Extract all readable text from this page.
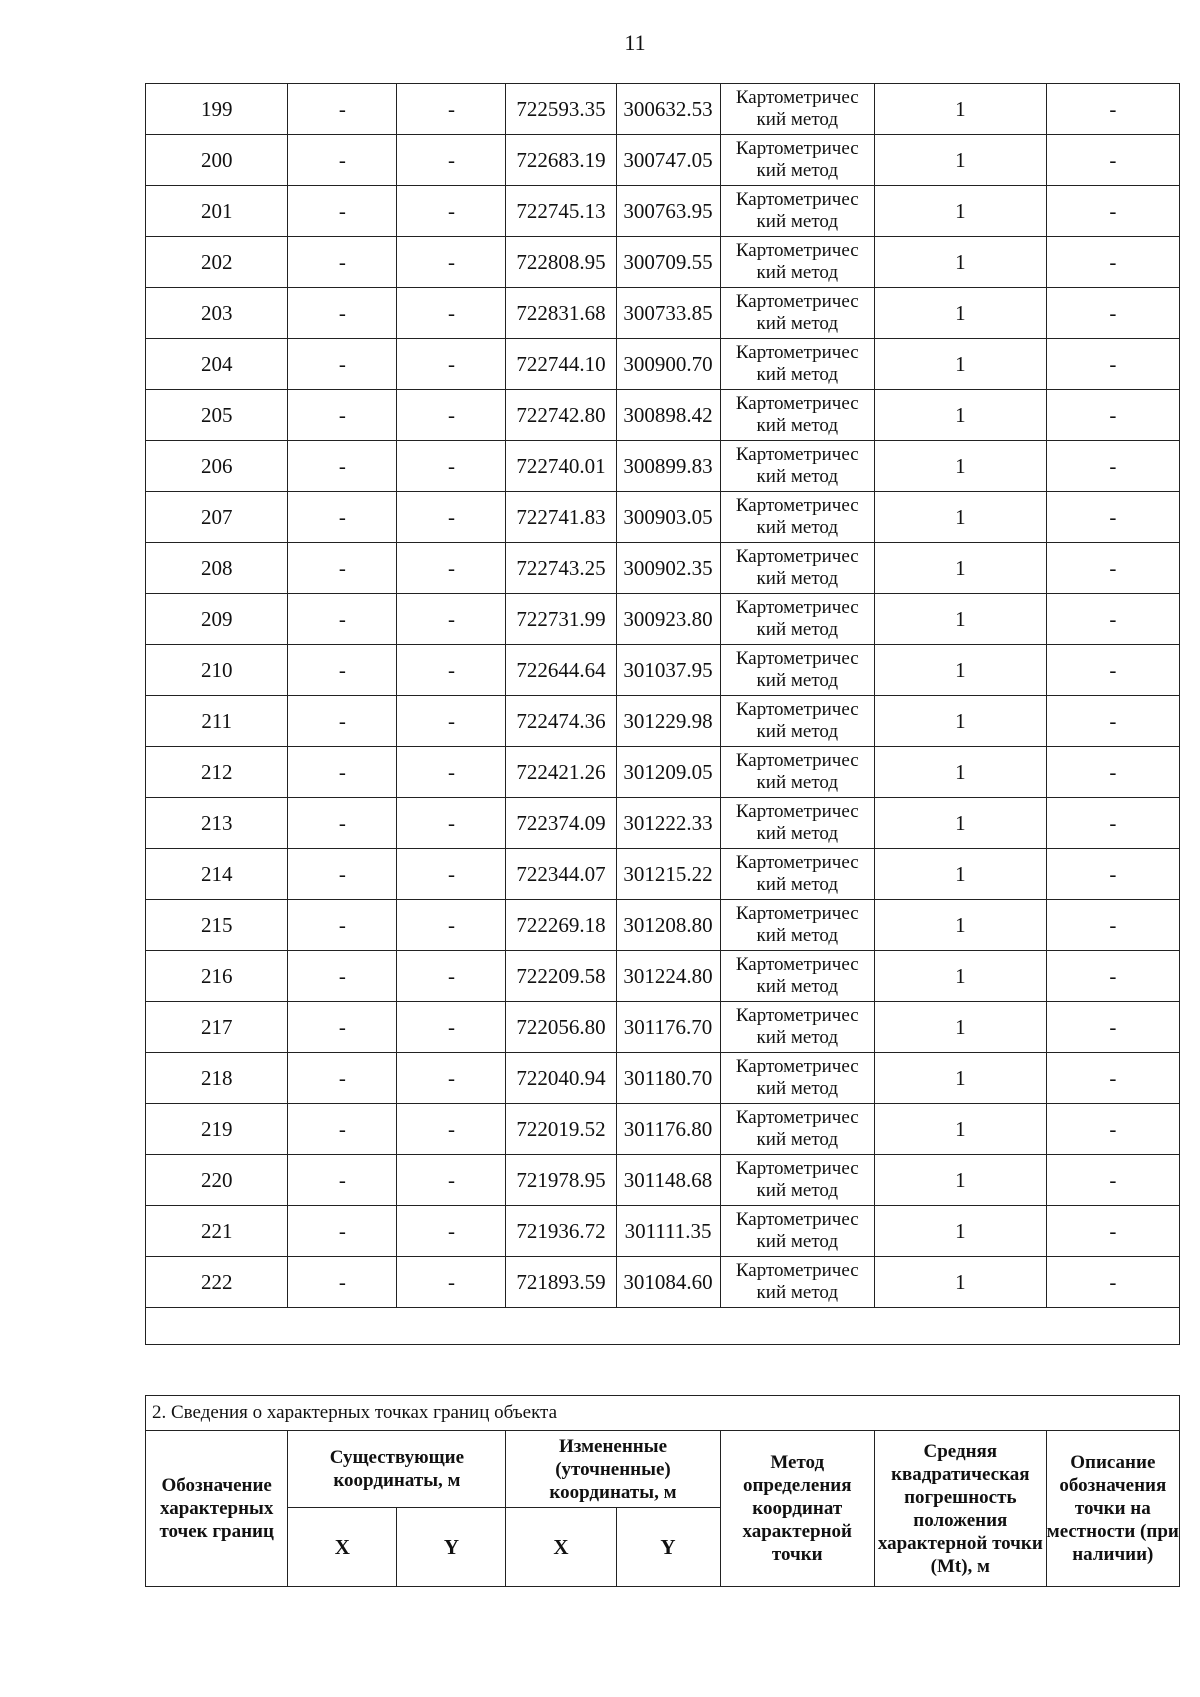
11
199	-	-	722593.35	300632.53	Картометричес
кий метод	1	-
200	-	-	722683.19	300747.05	Картометричес
кий метод	1	-
201	-	-	722745.13	300763.95	Картометричес
кий метод	1	-
202	-	-	722808.95	300709.55	Картометричес
кий метод	1	-
203	-	-	722831.68	300733.85	Картометричес
кий метод	1	-
204	-	-	722744.10	300900.70	Картометричес
кий метод	1	-
205	-	-	722742.80	300898.42	Картометричес
кий метод	1	-
206	-	-	722740.01	300899.83	Картометричес
кий метод	1	-
207	-	-	722741.83	300903.05	Картометричес
кий метод	1	-
208	-	-	722743.25	300902.35	Картометричес
кий метод	1	-
209	-	-	722731.99	300923.80	Картометричес
кий метод	1	-
210	-	-	722644.64	301037.95	Картометричес
кий метод	1	-
211	-	-	722474.36	301229.98	Картометричес
кий метод	1	-
212	-	-	722421.26	301209.05	Картометричес
кий метод	1	-
213	-	-	722374.09	301222.33	Картометричес
кий метод	1	-
214	-	-	722344.07	301215.22	Картометричес
кий метод	1	-
215	-	-	722269.18	301208.80	Картометричес
кий метод	1	-
216	-	-	722209.58	301224.80	Картометричес
кий метод	1	-
217	-	-	722056.80	301176.70	Картометричес
кий метод	1	-
218	-	-	722040.94	301180.70	Картометричес
кий метод	1	-
219	-	-	722019.52	301176.80	Картометричес
кий метод	1	-
220	-	-	721978.95	301148.68	Картометричес
кий метод	1	-
221	-	-	721936.72	301111.35	Картометричес
кий метод	1	-
222	-	-	721893.59	301084.60	Картометричес
кий метод	1	-

2. Сведения о характерных точках границ объекта							
Обозначение характерных точек границ	Существующие координаты, м		Измененные (уточненные) координаты, м		Метод определения координат характерной точки	Средняя квадратическая погрешность положения характерной точки (Mt), м	Описание обозначения точки на местности (при наличии)
	X	Y	X	Y			
